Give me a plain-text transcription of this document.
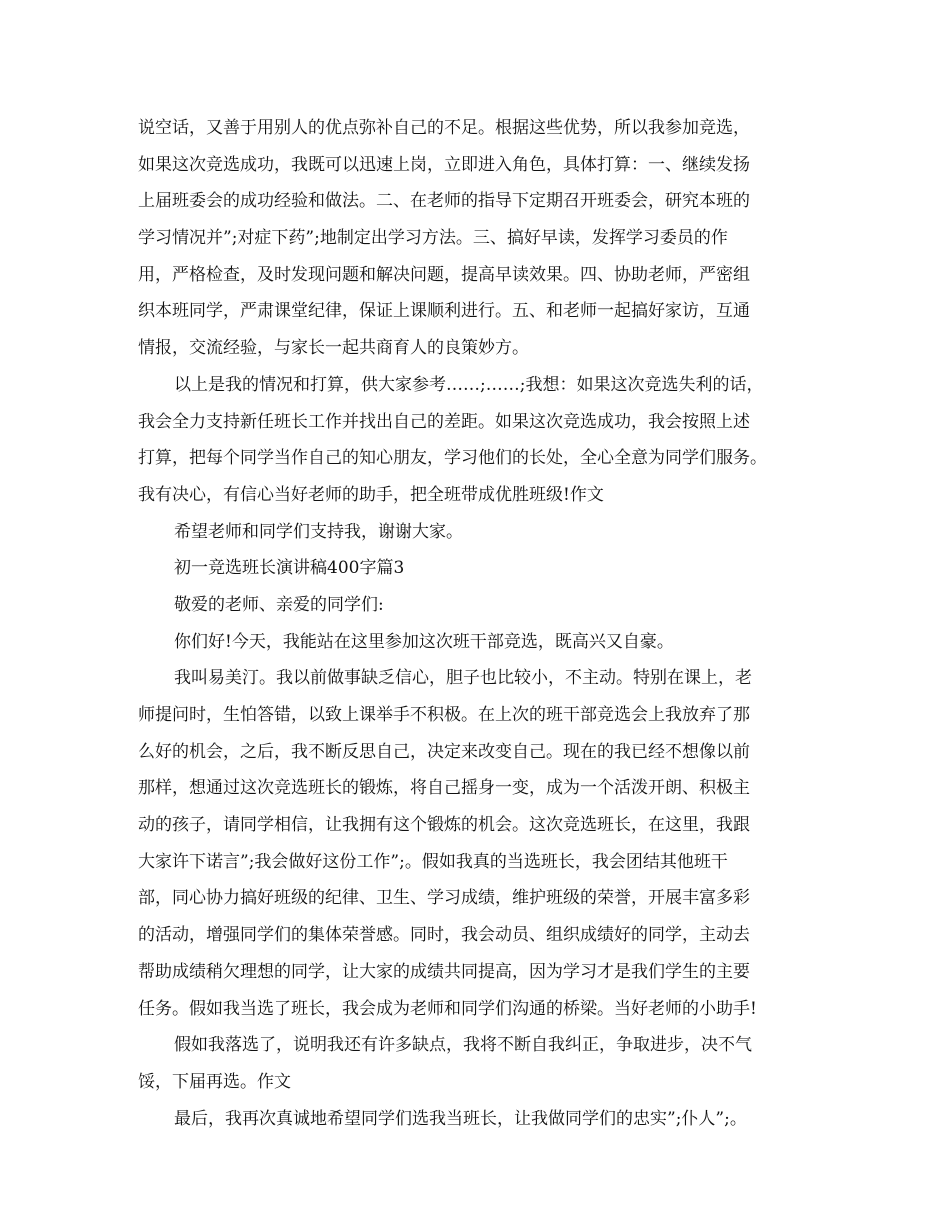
说空话，又善于用别人的优点弥补自己的不足。根据这些优势，所以我参加竞选，
如果这次竞选成功，我既可以迅速上岗，立即进入角色，具体打算：一、继续发扬
上届班委会的成功经验和做法。二、在老师的指导下定期召开班委会，研究本班的
学习情况并”;对症下药”;地制定出学习方法。三、搞好早读，发挥学习委员的作
用，严格检查，及时发现问题和解决问题，提高早读效果。四、协助老师，严密组
织本班同学，严肃课堂纪律，保证上课顺利进行。五、和老师一起搞好家访，互通
情报，交流经验，与家长一起共商育人的良策妙方。
以上是我的情况和打算，供大家参考……;……;我想：如果这次竞选失利的话，
我会全力支持新任班长工作并找出自己的差距。如果这次竞选成功，我会按照上述
打算，把每个同学当作自己的知心朋友，学习他们的长处，全心全意为同学们服务。
我有决心，有信心当好老师的助手，把全班带成优胜班级!作文
希望老师和同学们支持我，谢谢大家。
初一竞选班长演讲稿400字篇3
敬爱的老师、亲爱的同学们:
你们好!今天，我能站在这里参加这次班干部竞选，既高兴又自豪。
我叫易美汀。我以前做事缺乏信心，胆子也比较小，不主动。特别在课上，老
师提问时，生怕答错，以致上课举手不积极。在上次的班干部竞选会上我放弃了那
么好的机会，之后，我不断反思自己，决定来改变自己。现在的我已经不想像以前
那样，想通过这次竞选班长的锻炼，将自己摇身一变，成为一个活泼开朗、积极主
动的孩子，请同学相信，让我拥有这个锻炼的机会。这次竞选班长，在这里，我跟
大家许下诺言”;我会做好这份工作”;。假如我真的当选班长，我会团结其他班干
部，同心协力搞好班级的纪律、卫生、学习成绩，维护班级的荣誉，开展丰富多彩
的活动，增强同学们的集体荣誉感。同时，我会动员、组织成绩好的同学，主动去
帮助成绩稍欠理想的同学，让大家的成绩共同提高，因为学习才是我们学生的主要
任务。假如我当选了班长，我会成为老师和同学们沟通的桥梁。当好老师的小助手!
假如我落选了，说明我还有许多缺点，我将不断自我纠正，争取进步，决不气
馁，下届再选。作文
最后，我再次真诚地希望同学们选我当班长，让我做同学们的忠实”;仆人”;。
